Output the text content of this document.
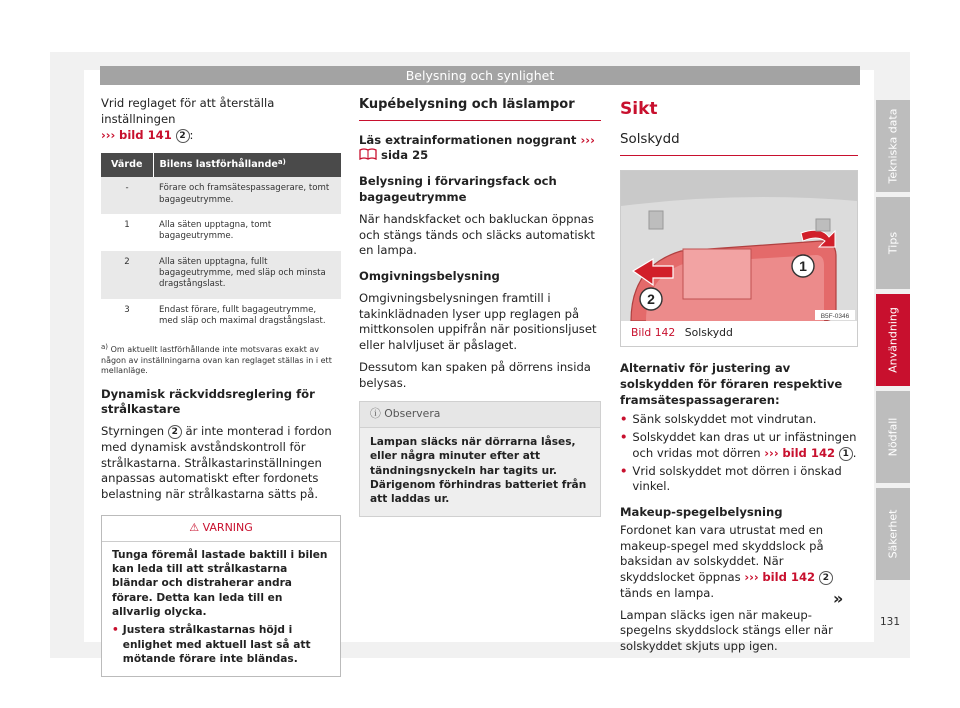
Belysning och synlighet

Vrid reglaget för att återställa inställningen
››› bild 141 2 :

Värde	Bilens lastförhållande$^{a)}$
-	Förare och framsätespassagerare, tomt bagageutrymme.
1	Alla säten upptagna, tomt bagageutrymme.
2	Alla säten upptagna, fullt bagageutrymme, med släp och minsta dragstångslast.
3	Endast förare, fullt bagageutrymme, med släp och maximal dragstångslast.

$^{a)}$ Om aktuellt lastförhållande inte motsvaras exakt av någon av inställningarna ovan kan reglaget ställas in i ett mellanläge.

Dynamisk räckviddsreglering för strålkastare

Styrningen 2 är inte monterad i fordon med dynamisk avståndskontroll för strålkastarna. Strålkastarinställningen anpassas automatiskt efter fordonets belastning när strålkastarna sätts på.

⚠ VARNING

Tunga föremål lastade baktill i bilen kan leda till att strålkastarna bländar och distraherar andra förare. Detta kan leda till en allvarlig olycka.

• Justera strålkastarnas höjd i enlighet med aktuell last så att mötande förare inte bländas.

Kupébelysning och läslampor

Läs extrainformationen noggrant ›››  sida 25

Belysning i förvaringsfack och bagageutrymme

När handskfacket och bakluckan öppnas och stängs tänds och släcks automatiskt en lampa.

Omgivningsbelysning

Omgivningsbelysningen framtill i takinklädnaden lyser upp reglagen på mittkonsolen uppifrån när positionsljuset eller halvljuset är påslaget.

Dessutom kan spaken på dörrens insida belysas.

ⓘ Observera

Lampan släcks när dörrarna låses, eller några minuter efter att tändningsnyckeln har tagits ur. Därigenom förhindras batteriet från att laddas ur.

Sikt

Solskydd

1
2
B5F-0346

Bild 142 Solskydd

Alternativ för justering av solskydden för föraren respektive framsätespassageraren:

• Sänk solskyddet mot vindrutan.
• Solskyddet kan dras ut ur infästningen och vridas mot dörren ››› bild 142 1 .
• Vrid solskyddet mot dörren i önskad vinkel.

Makeup-spegelbelysning

Fordonet kan vara utrustat med en makeup-spegel med skyddslock på baksidan av solskyddet. När skyddslocket öppnas ››› bild 142 2 tänds en lampa.

Lampan släcks igen när makeup-spegelns skyddslock stängs eller när solskyddet skjuts upp igen.

»
Tekniska data
Tips
Användning
Nödfall
Säkerhet
131
